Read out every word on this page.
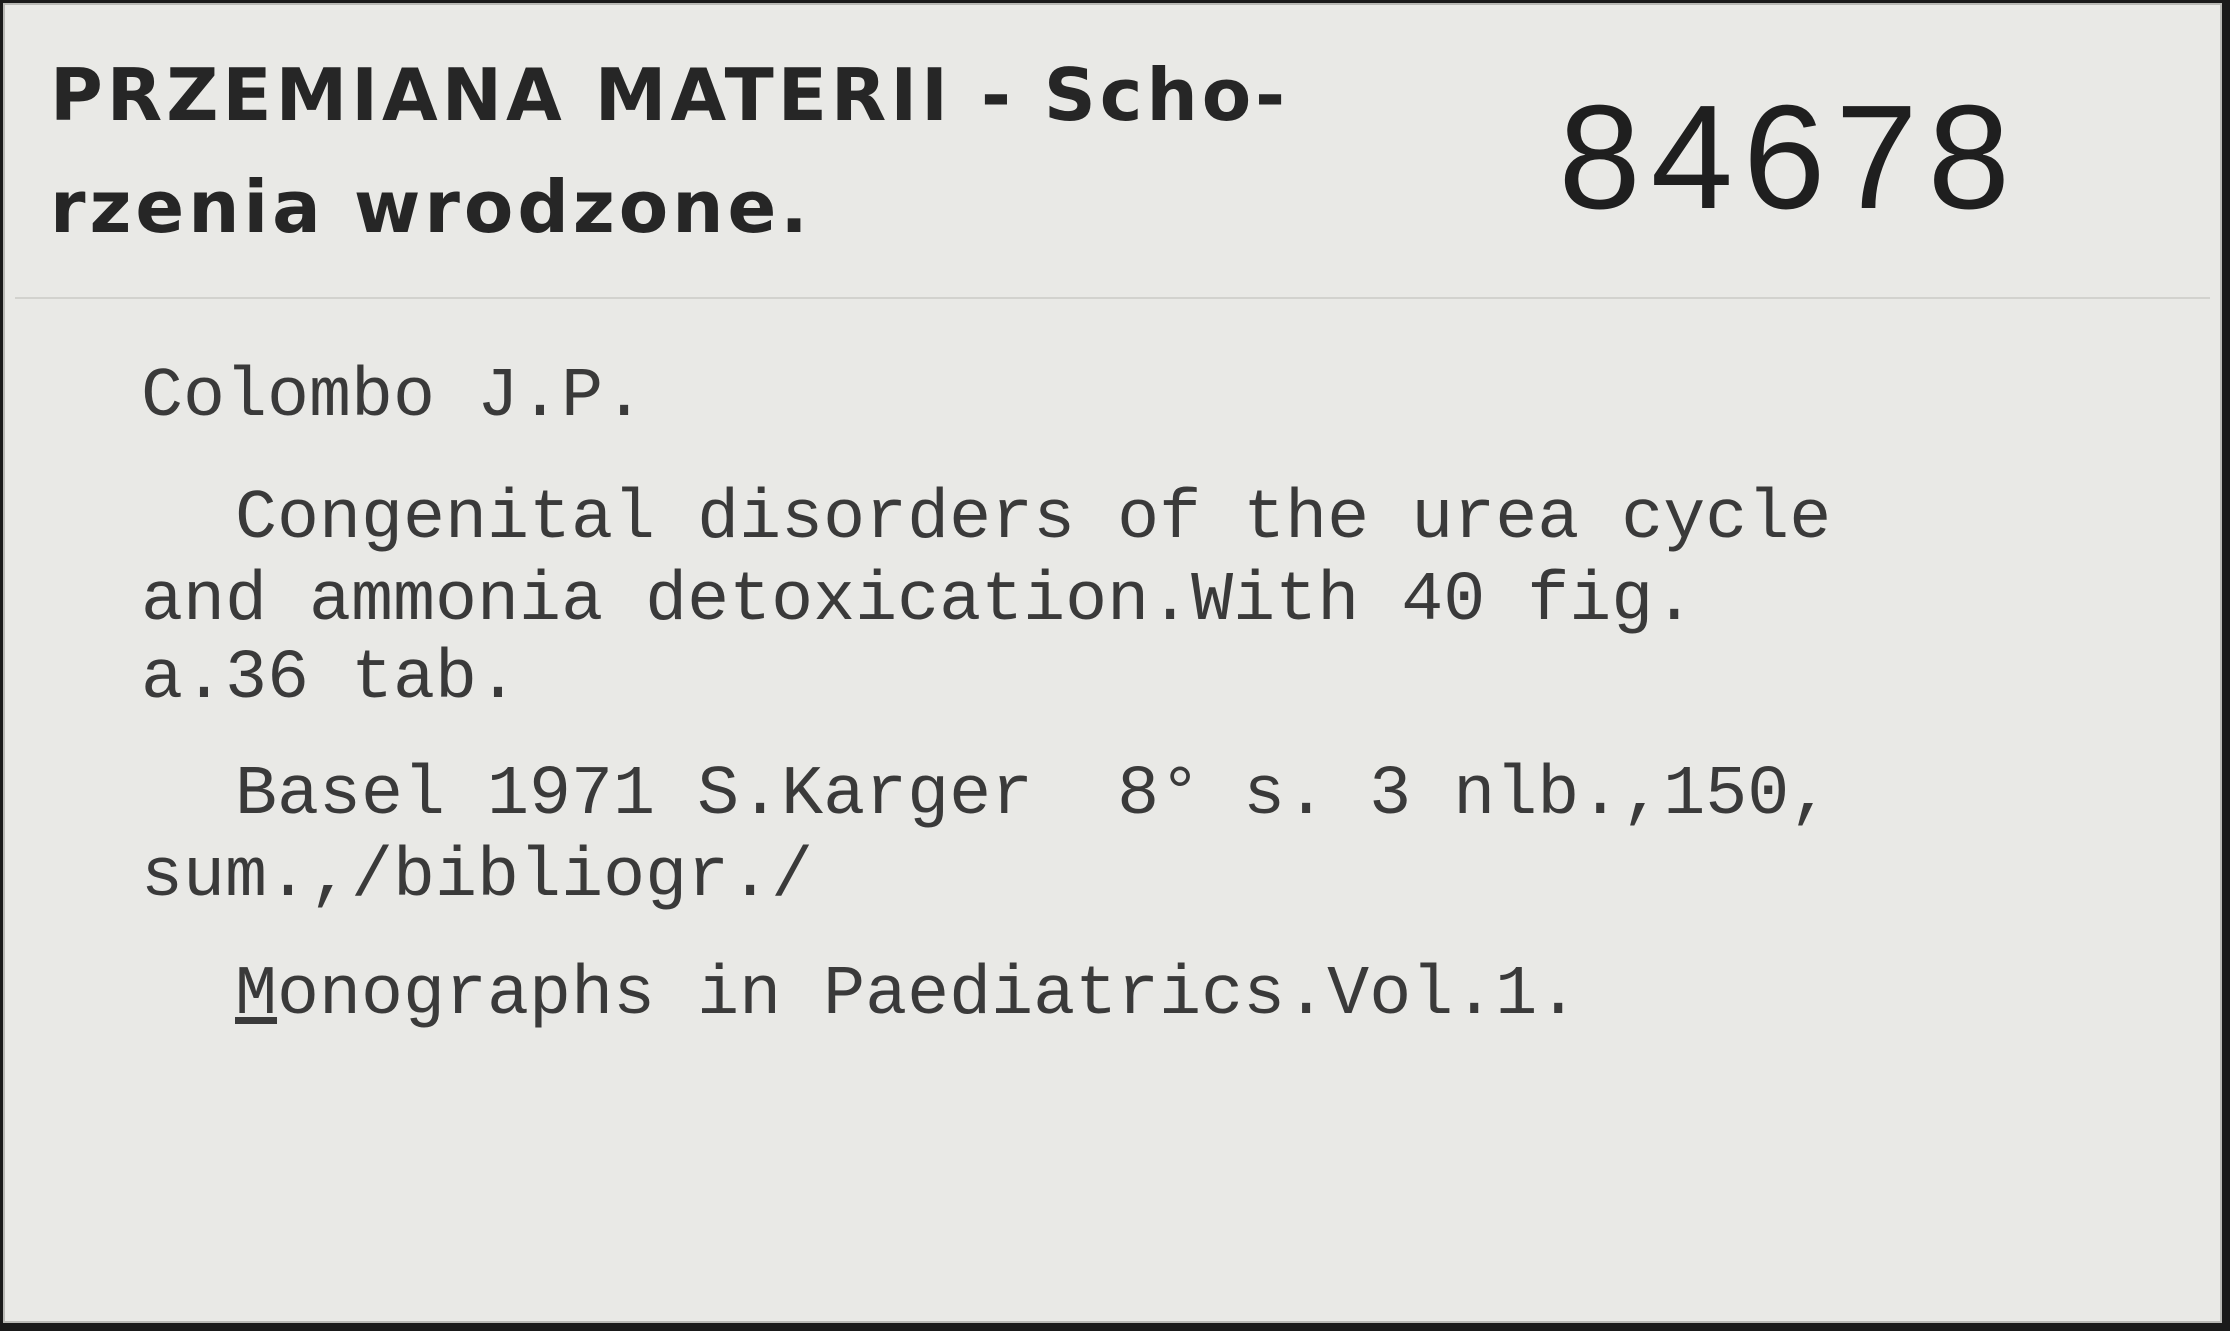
PRZEMIANA MATERII - Scho-
rzenia wrodzone.	84678
Colombo J.P.
Congenital disorders of the urea cycle
and ammonia detoxication.With 40 fig.
a.36 tab.
Basel 1971 S.Karger  8° s. 3 nlb.,150,
sum.,/bibliogr./
Monographs in Paediatrics.Vol.1.
